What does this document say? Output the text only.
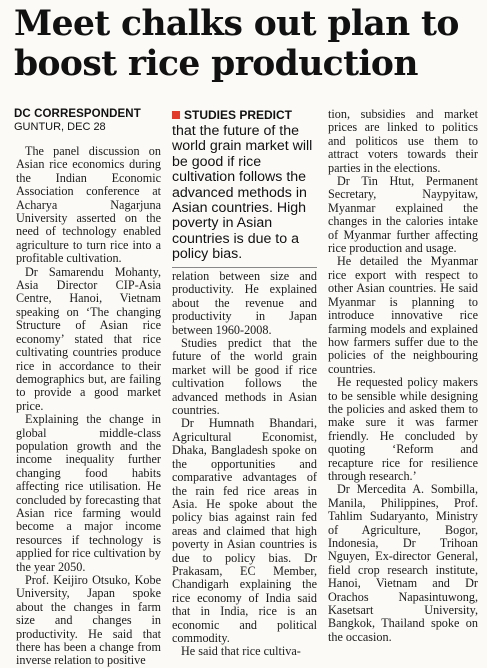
Meet chalks out plan to boost rice production
DC CORRESPONDENT
GUNTUR, DEC 28

The panel discussion on Asian rice economics during the Indian Economic Association conference at Acharya Nagarjuna University asserted on the need of technology enabled agriculture to turn rice into a profitable cultivation.

Dr Samarendu Mohanty, Asia Director CIP-Asia Centre, Hanoi, Vietnam speaking on ‘The changing Structure of Asian rice economy’ stated that rice cultivating countries produce rice in accordance to their demographics but, are failing to provide a good market price.

Explaining the change in global middle-class population growth and the income inequality further changing food habits affecting rice utilisation. He concluded by forecasting that Asian rice farming would become a major income resources if technology is applied for rice cultivation by the year 2050.

Prof. Keijiro Otsuko, Kobe University, Japan spoke about the changes in farm size and changes in productivity. He said that there has been a change from inverse relation to positive

STUDIES PREDICT
that the future of the world grain market will be good if rice cultivation follows the advanced methods in Asian countries. High poverty in Asian countries is due to a policy bias.

relation between size and productivity. He explained about the revenue and productivity in Japan between 1960-2008.

Studies predict that the future of the world grain market will be good if rice cultivation follows the advanced methods in Asian countries.

Dr Humnath Bhandari, Agricultural Economist, Dhaka, Bangladesh spoke on the opportunities and comparative advantages of the rain fed rice areas in Asia. He spoke about the policy bias against rain fed areas and claimed that high poverty in Asian countries is due to policy bias. Dr Prakasam, EC Member, Chandigarh explaining the rice economy of India said that in India, rice is an economic and political commodity.

He said that rice cultiva-

tion, subsidies and market prices are linked to politics and politicos use them to attract voters towards their parties in the elections.

Dr Tin Htut, Permanent Secretary, Naypyitaw, Myanmar explained the changes in the calories intake of Myanmar further affecting rice production and usage.

He detailed the Myanmar rice export with respect to other Asian countries. He said Myanmar is planning to introduce innovative rice farming models and explained how farmers suffer due to the policies of the neighbouring countries.

He requested policy makers to be sensible while designing the policies and asked them to make sure it was farmer friendly. He concluded by quoting ‘Reform and recapture rice for resilience through research.’

Dr Mercedita A. Sombilla, Manila, Philippines, Prof. Tahlim Sudaryanto, Ministry of Agriculture, Bogor, Indonesia, Dr Trihoan Nguyen, Ex-director General, field crop research institute, Hanoi, Vietnam and Dr Orachos Napasintuwong, Kasetsart University, Bangkok, Thailand spoke on the occasion.
